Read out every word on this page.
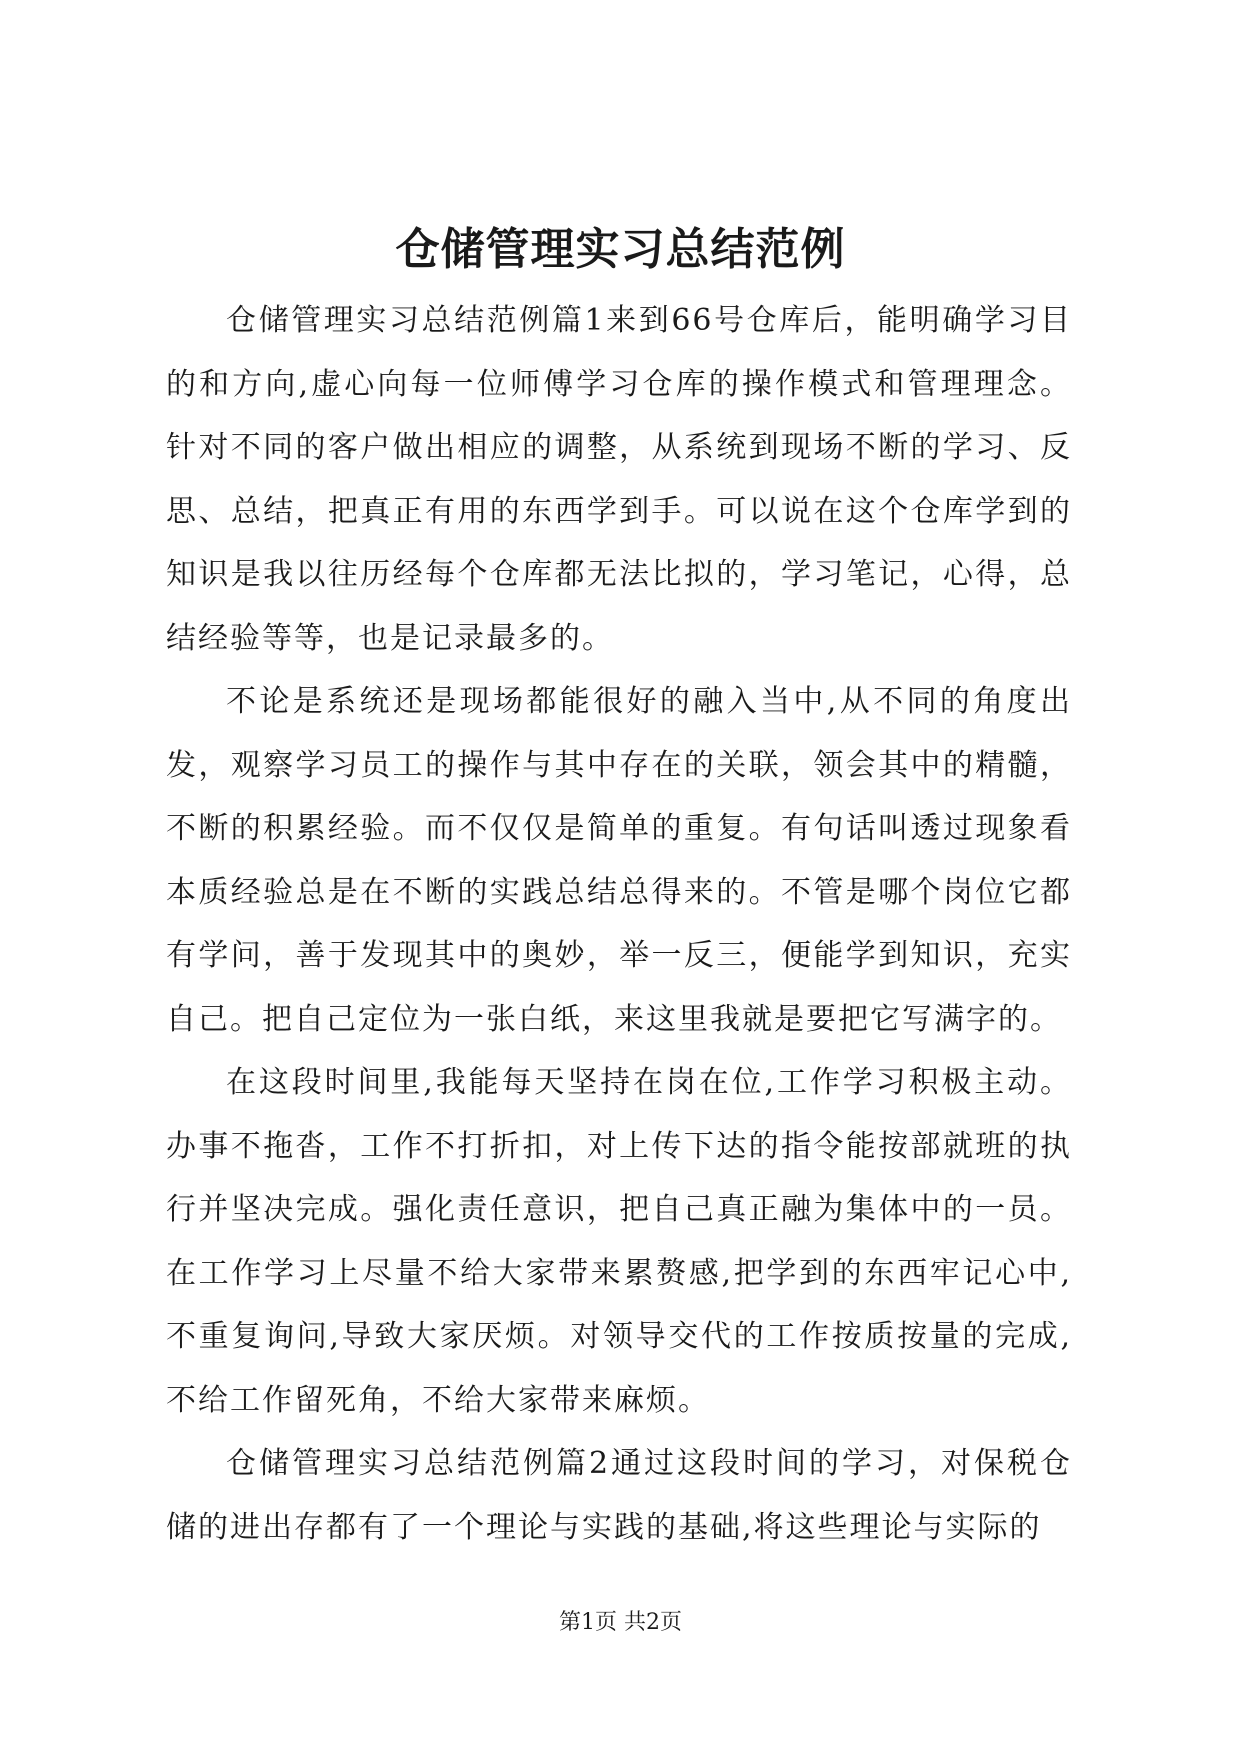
仓储管理实习总结范例

仓储管理实习总结范例篇1来到66号仓库后，能明确学习目的和方向,虚心向每一位师傅学习仓库的操作模式和管理理念。针对不同的客户做出相应的调整，从系统到现场不断的学习、反思、总结，把真正有用的东西学到手。可以说在这个仓库学到的知识是我以往历经每个仓库都无法比拟的，学习笔记，心得，总结经验等等，也是记录最多的。

不论是系统还是现场都能很好的融入当中,从不同的角度出发，观察学习员工的操作与其中存在的关联，领会其中的精髓，不断的积累经验。而不仅仅是简单的重复。有句话叫透过现象看本质经验总是在不断的实践总结总得来的。不管是哪个岗位它都有学问，善于发现其中的奥妙，举一反三，便能学到知识，充实自己。把自己定位为一张白纸，来这里我就是要把它写满字的。

在这段时间里,我能每天坚持在岗在位,工作学习积极主动。办事不拖沓，工作不打折扣，对上传下达的指令能按部就班的执行并坚决完成。强化责任意识，把自己真正融为集体中的一员。在工作学习上尽量不给大家带来累赘感,把学到的东西牢记心中,不重复询问,导致大家厌烦。对领导交代的工作按质按量的完成,不给工作留死角，不给大家带来麻烦。

仓储管理实习总结范例篇2通过这段时间的学习，对保税仓储的进出存都有了一个理论与实践的基础,将这些理论与实际的

第1页 共2页
